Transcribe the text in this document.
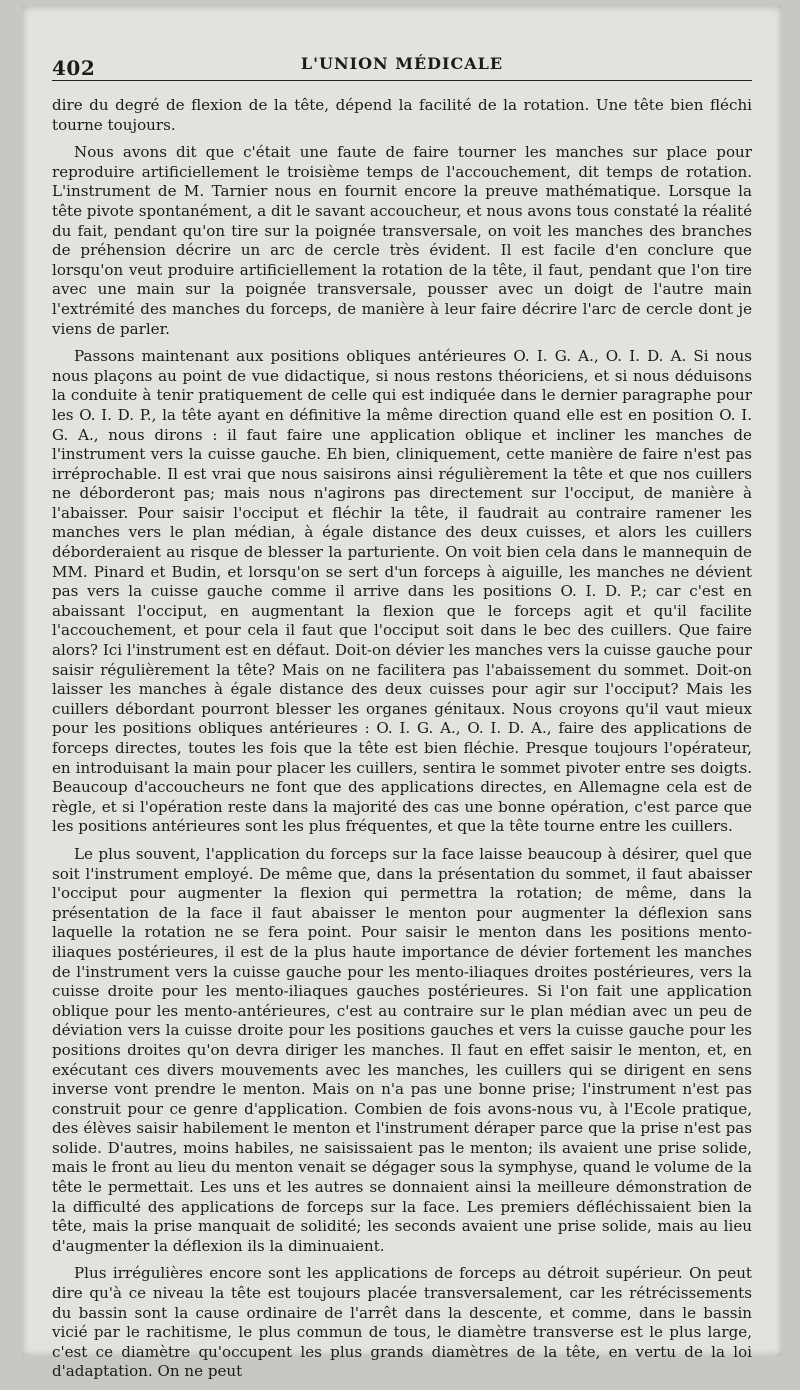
402	L'UNION MÉDICALE

dire du degré de flexion de la tête, dépend la facilité de la rotation. Une tête bien fléchi tourne toujours.

Nous avons dit que c'était une faute de faire tourner les manches sur place pour reproduire artificiellement le troisième temps de l'accouchement, dit temps de rotation. L'instrument de M. Tarnier nous en fournit encore la preuve mathématique. Lorsque la tête pivote spontanément, a dit le savant accoucheur, et nous avons tous constaté la réalité du fait, pendant qu'on tire sur la poignée transversale, on voit les manches des branches de préhension décrire un arc de cercle très évident. Il est facile d'en conclure que lorsqu'on veut produire artificiellement la rotation de la tête, il faut, pendant que l'on tire avec une main sur la poignée transversale, pousser avec un doigt de l'autre main l'extrémité des manches du forceps, de manière à leur faire décrire l'arc de cercle dont je viens de parler.

Passons maintenant aux positions obliques antérieures O. I. G. A., O. I. D. A. Si nous nous plaçons au point de vue didactique, si nous restons théoriciens, et si nous déduisons la conduite à tenir pratiquement de celle qui est indiquée dans le dernier paragraphe pour les O. I. D. P., la tête ayant en définitive la même direction quand elle est en position O. I. G. A., nous dirons : il faut faire une application oblique et incliner les manches de l'instrument vers la cuisse gauche. Eh bien, cliniquement, cette manière de faire n'est pas irréprochable. Il est vrai que nous saisirons ainsi régulièrement la tête et que nos cuillers ne déborderont pas; mais nous n'agirons pas directement sur l'occiput, de manière à l'abaisser. Pour saisir l'occiput et fléchir la tête, il faudrait au contraire ramener les manches vers le plan médian, à égale distance des deux cuisses, et alors les cuillers déborderaient au risque de blesser la parturiente. On voit bien cela dans le mannequin de MM. Pinard et Budin, et lorsqu'on se sert d'un forceps à aiguille, les manches ne dévient pas vers la cuisse gauche comme il arrive dans les positions O. I. D. P.; car c'est en abaissant l'occiput, en augmentant la flexion que le forceps agit et qu'il facilite l'accouchement, et pour cela il faut que l'occiput soit dans le bec des cuillers. Que faire alors? Ici l'instrument est en défaut. Doit-on dévier les manches vers la cuisse gauche pour saisir régulièrement la tête? Mais on ne facilitera pas l'abaissement du sommet. Doit-on laisser les manches à égale distance des deux cuisses pour agir sur l'occiput? Mais les cuillers débordant pourront blesser les organes génitaux. Nous croyons qu'il vaut mieux pour les positions obliques antérieures : O. I. G. A., O. I. D. A., faire des applications de forceps directes, toutes les fois que la tête est bien fléchie. Presque toujours l'opérateur, en introduisant la main pour placer les cuillers, sentira le sommet pivoter entre ses doigts. Beaucoup d'accoucheurs ne font que des applications directes, en Allemagne cela est de règle, et si l'opération reste dans la majorité des cas une bonne opération, c'est parce que les positions antérieures sont les plus fréquentes, et que la tête tourne entre les cuillers.

Le plus souvent, l'application du forceps sur la face laisse beaucoup à désirer, quel que soit l'instrument employé. De même que, dans la présentation du sommet, il faut abaisser l'occiput pour augmenter la flexion qui permettra la rotation; de même, dans la présentation de la face il faut abaisser le menton pour augmenter la déflexion sans laquelle la rotation ne se fera point. Pour saisir le menton dans les positions mento-iliaques postérieures, il est de la plus haute importance de dévier fortement les manches de l'instrument vers la cuisse gauche pour les mento-iliaques droites postérieures, vers la cuisse droite pour les mento-iliaques gauches postérieures. Si l'on fait une application oblique pour les mento-antérieures, c'est au contraire sur le plan médian avec un peu de déviation vers la cuisse droite pour les positions gauches et vers la cuisse gauche pour les positions droites qu'on devra diriger les manches. Il faut en effet saisir le menton, et, en exécutant ces divers mouvements avec les manches, les cuillers qui se dirigent en sens inverse vont prendre le menton. Mais on n'a pas une bonne prise; l'instrument n'est pas construit pour ce genre d'application. Combien de fois avons-nous vu, à l'Ecole pratique, des élèves saisir habilement le menton et l'instrument déraper parce que la prise n'est pas solide. D'autres, moins habiles, ne saisissaient pas le menton; ils avaient une prise solide, mais le front au lieu du menton venait se dégager sous la symphyse, quand le volume de la tête le permettait. Les uns et les autres se donnaient ainsi la meilleure démonstration de la difficulté des applications de forceps sur la face. Les premiers défléchissaient bien la tête, mais la prise manquait de solidité; les seconds avaient une prise solide, mais au lieu d'augmenter la déflexion ils la diminuaient.

Plus irrégulières encore sont les applications de forceps au détroit supérieur. On peut dire qu'à ce niveau la tête est toujours placée transversalement, car les rétrécissements du bassin sont la cause ordinaire de l'arrêt dans la descente, et comme, dans le bassin vicié par le rachitisme, le plus commun de tous, le diamètre transverse est le plus large, c'est ce diamètre qu'occupent les plus grands diamètres de la tête, en vertu de la loi d'adaptation. On ne peut
